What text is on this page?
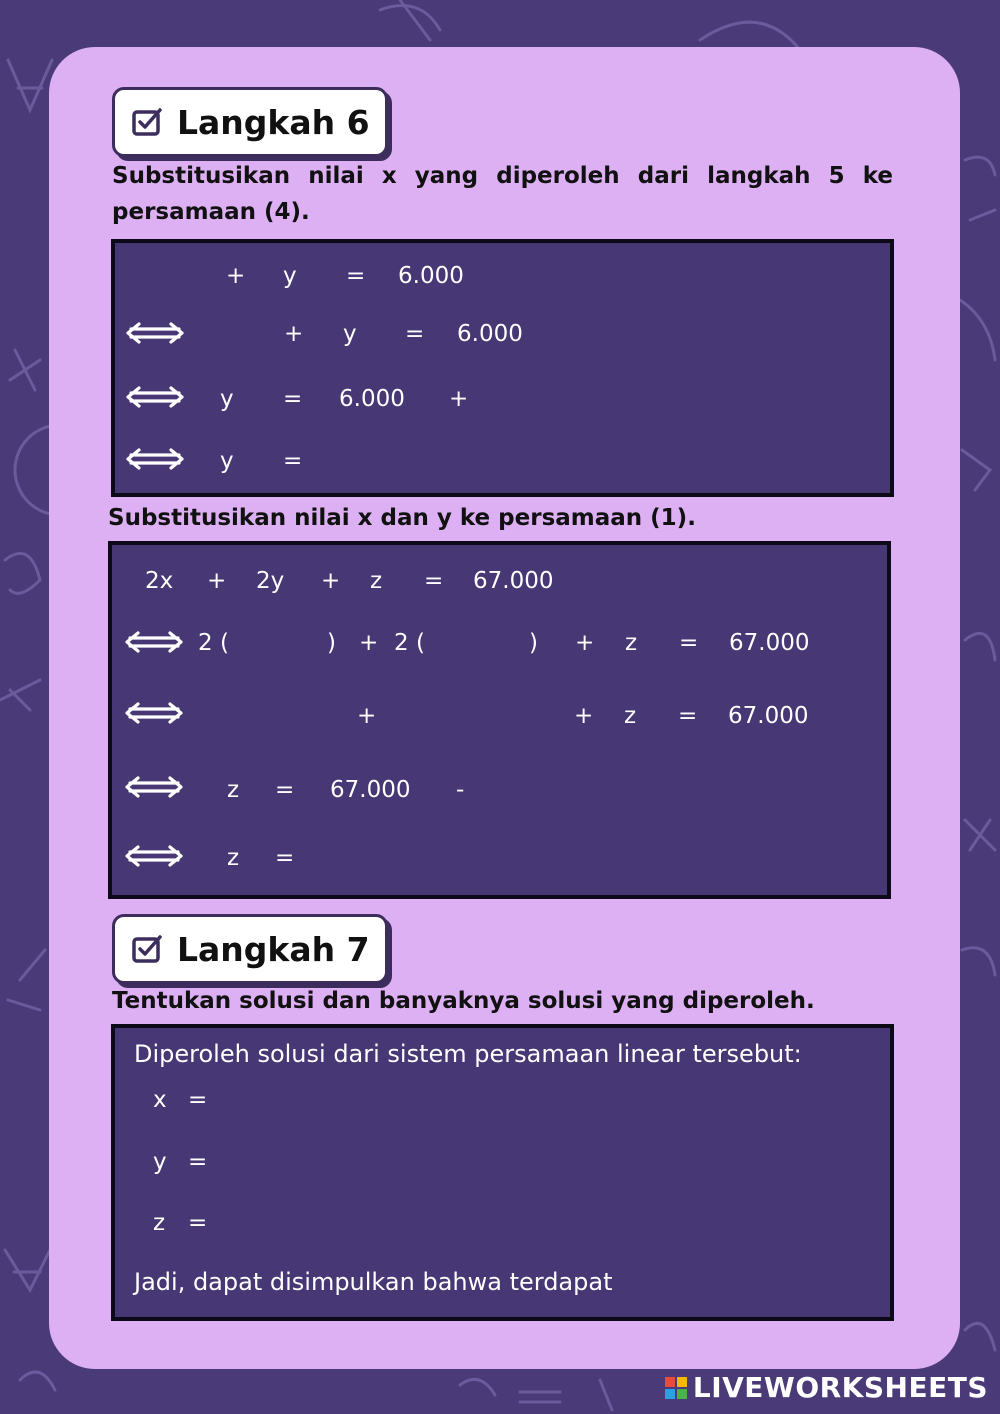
Langkah 6
Substitusikan nilai x yang diperoleh dari langkah 5 ke persamaan (4).
+ y = 6.000
+ y = 6.000
y = 6.000 +
y =
Substitusikan nilai x dan y ke persamaan (1).
2x + 2y + z = 67.000
2 (	) + 2 (	) + z = 67.000
+	+ z = 67.000
z = 67.000 -
z =
Langkah 7
Tentukan solusi dan banyaknya solusi yang diperoleh.
Diperoleh solusi dari sistem persamaan linear tersebut:
x =
y =
z =
Jadi, dapat disimpulkan bahwa terdapat
LIVEWORKSHEETS
